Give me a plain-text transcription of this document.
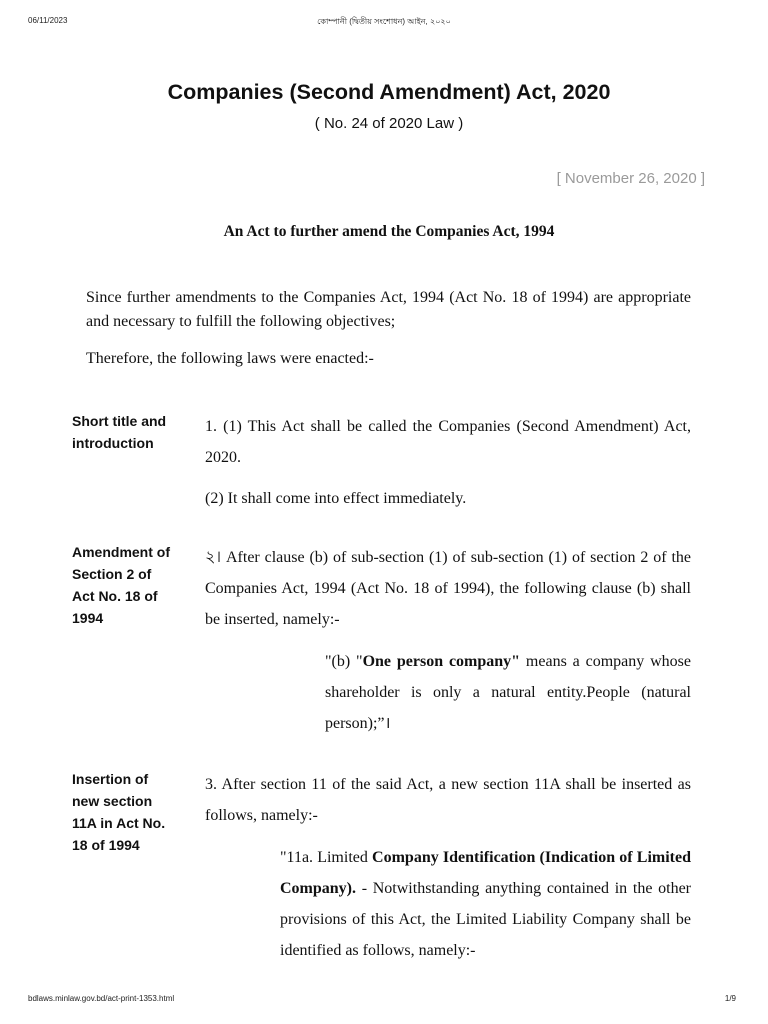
06/11/2023	কোম্পানী (দ্বিতীয় সংশোধন) আইন, ২০২০
Companies (Second Amendment) Act, 2020
( No. 24 of 2020 Law )
[ November 26, 2020 ]
An Act to further amend the Companies Act, 1994
Since further amendments to the Companies Act, 1994 (Act No. 18 of 1994) are appropriate and necessary to fulfill the following objectives;
Therefore, the following laws were enacted:-
Short title and introduction
1. (1) This Act shall be called the Companies (Second Amendment) Act, 2020.
(2) It shall come into effect immediately.
Amendment of Section 2 of Act No. 18 of 1994
২। After clause (b) of sub-section (1) of sub-section (1) of section 2 of the Companies Act, 1994 (Act No. 18 of 1994), the following clause (b) shall be inserted, namely:-
"(b) "One person company" means a company whose shareholder is only a natural entity.People (natural person);”।
Insertion of new section 11A in Act No. 18 of 1994
3. After section 11 of the said Act, a new section 11A shall be inserted as follows, namely:-
"11a. Limited Company Identification (Indication of Limited Company). - Notwithstanding anything contained in the other provisions of this Act, the Limited Liability Company shall be identified as follows, namely:-
bdlaws.minlaw.gov.bd/act-print-1353.html	1/9
